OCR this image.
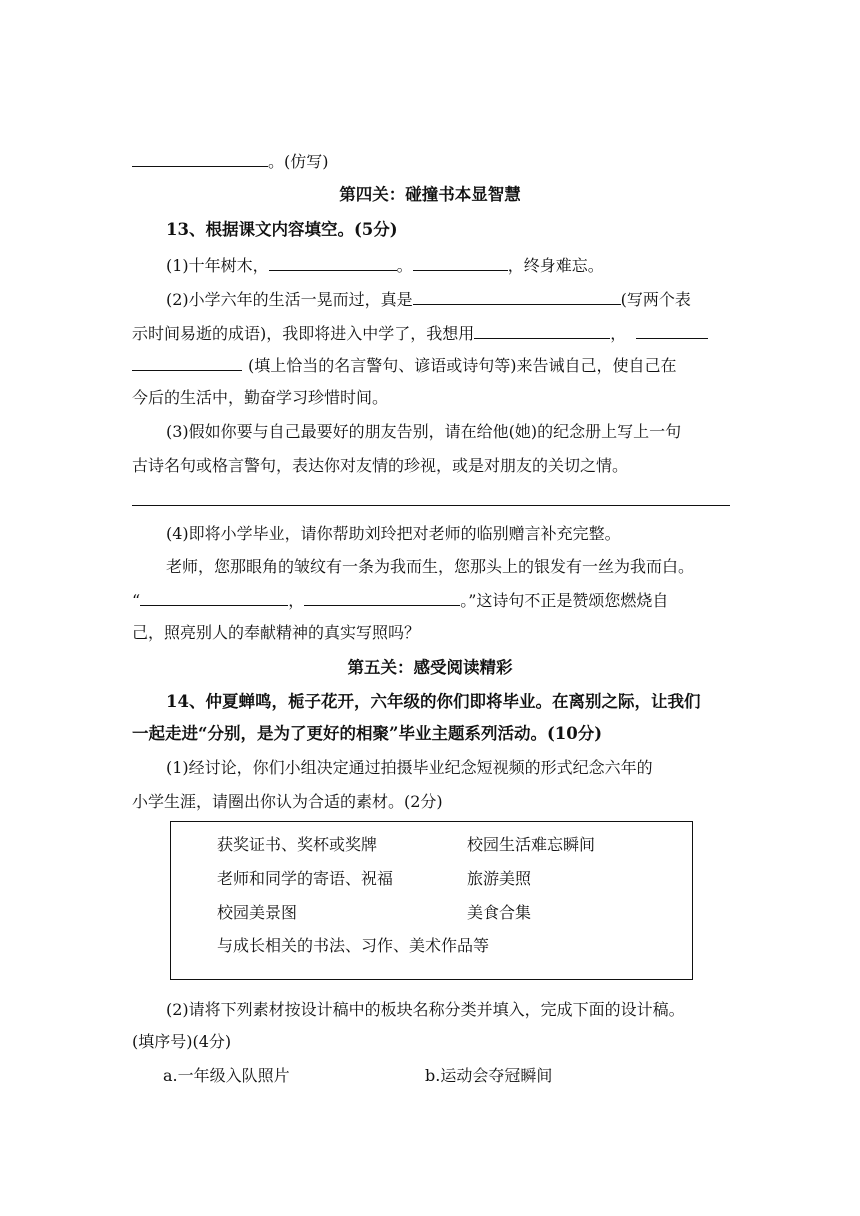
。(仿写)
第四关：碰撞书本显智慧
13、根据课文内容填空。(5分)
(1)十年树木，	。	，终身难忘。
(2)小学六年的生活一晃而过，真是	(写两个表
示时间易逝的成语)，我即将进入中学了，我想用	，
(填上恰当的名言警句、谚语或诗句等)来告诫自己，使自己在
今后的生活中，勤奋学习珍惜时间。
(3)假如你要与自己最要好的朋友告别，请在给他(她)的纪念册上写上一句
古诗名句或格言警句，表达你对友情的珍视，或是对朋友的关切之情。
(4)即将小学毕业，请你帮助刘玲把对老师的临别赠言补充完整。
老师，您那眼角的皱纹有一条为我而生，您那头上的银发有一丝为我而白。
“	，	。”这诗句不正是赞颂您燃烧自
己，照亮别人的奉献精神的真实写照吗？
第五关：感受阅读精彩
14、仲夏蝉鸣，栀子花开，六年级的你们即将毕业。在离别之际，让我们
一起走进“分别，是为了更好的相聚”毕业主题系列活动。(10分)
(1)经讨论，你们小组决定通过拍摄毕业纪念短视频的形式纪念六年的
小学生涯，请圈出你认为合适的素材。(2分)
获奖证书、奖杯或奖牌	校园生活难忘瞬间
老师和同学的寄语、祝福	旅游美照
校园美景图	美食合集
与成长相关的书法、习作、美术作品等
(2)请将下列素材按设计稿中的板块名称分类并填入，完成下面的设计稿。
(填序号)(4分)
a.一年级入队照片	b.运动会夺冠瞬间
